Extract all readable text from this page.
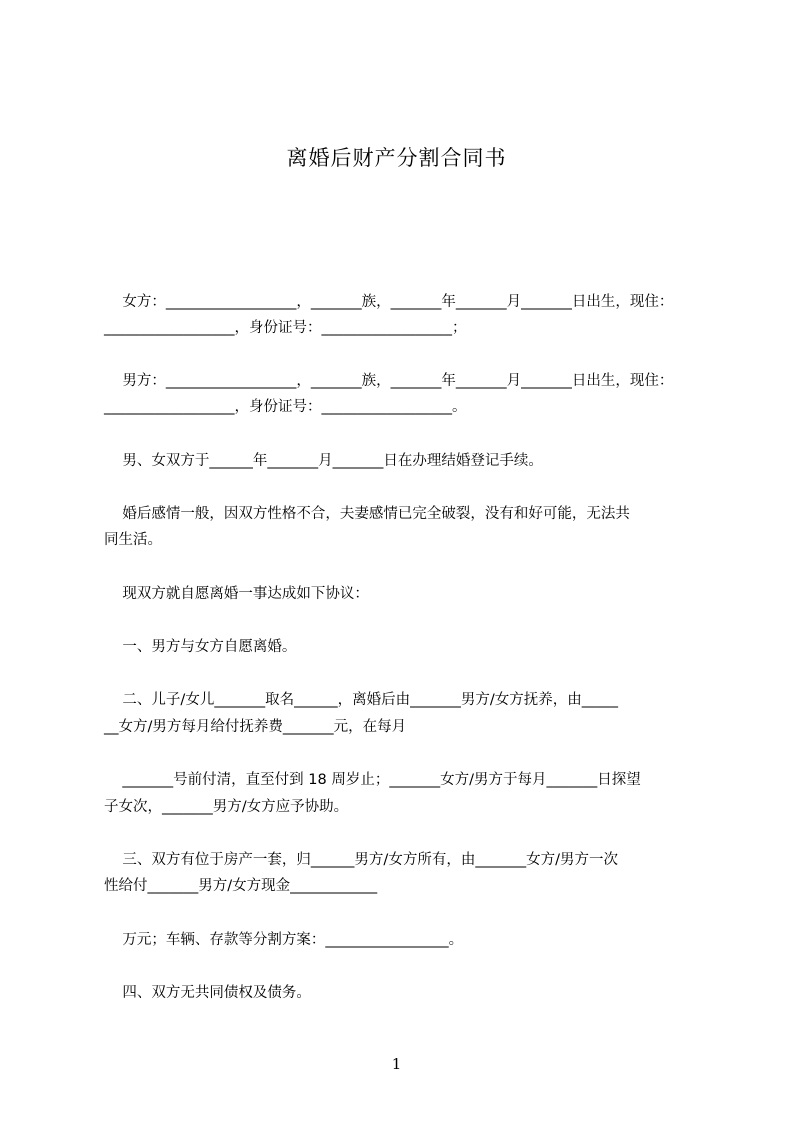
离婚后财产分割合同书

女方：__________________，_______族，_______年_______月_______日出生，现住：

__________________，身份证号：__________________；

男方：__________________，_______族，_______年_______月_______日出生，现住：

__________________，身份证号：__________________。

男、女双方于______年_______月_______日在办理结婚登记手续。

婚后感情一般，因双方性格不合，夫妻感情已完全破裂，没有和好可能，无法共

同生活。

现双方就自愿离婚一事达成如下协议：

一、男方与女方自愿离婚。

二、儿子/女儿_______取名______，离婚后由_______男方/女方抚养，由_____

__女方/男方每月给付抚养费_______元，在每月

_______号前付清，直至付到 18 周岁止；_______女方/男方于每月_______日探望

子女次，_______男方/女方应予协助。

三、双方有位于房产一套，归______男方/女方所有，由_______女方/男方一次

性给付_______男方/女方现金____________

万元；车辆、存款等分割方案：_________________。

四、双方无共同债权及债务。

1
